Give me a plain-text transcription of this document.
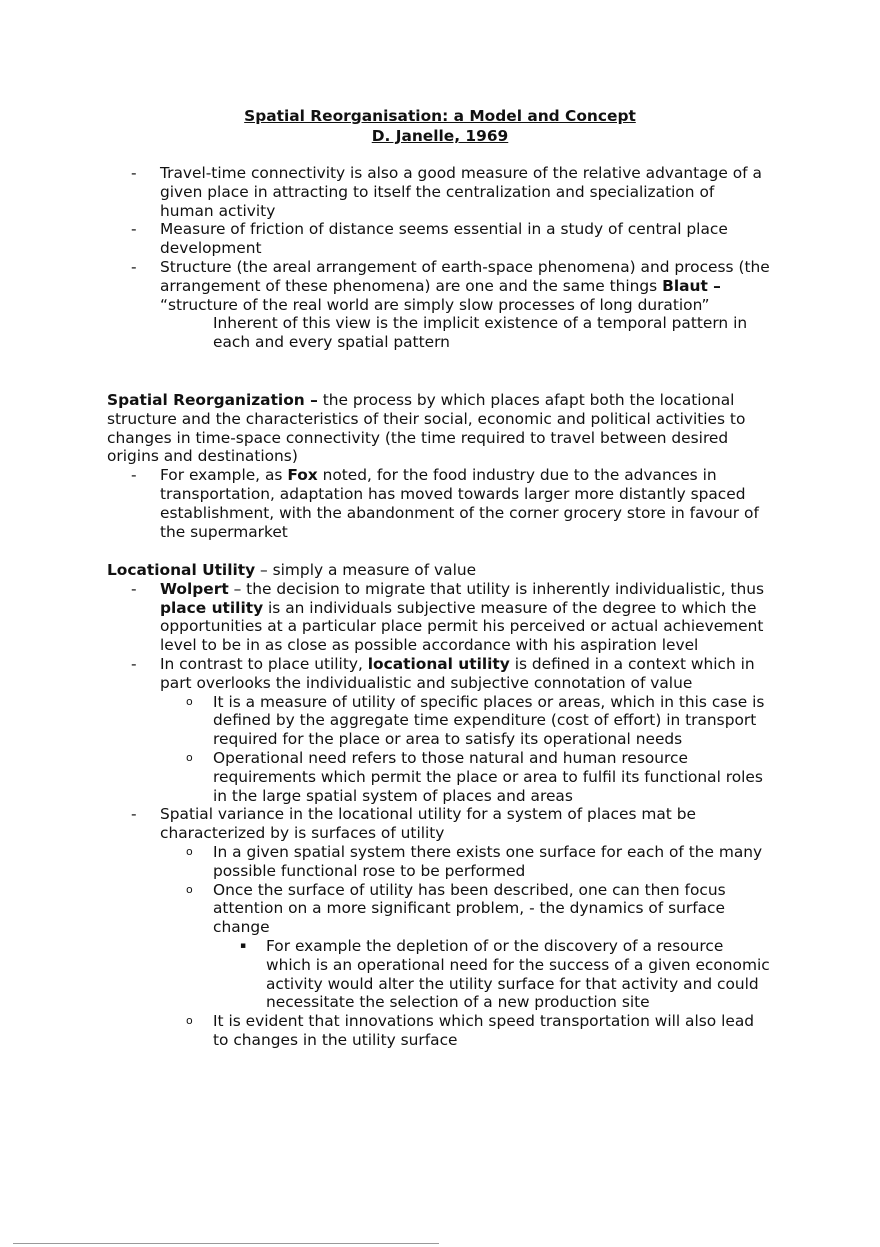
Spatial Reorganisation: a Model and Concept
D. Janelle, 1969
- Travel-time connectivity is also a good measure of the relative advantage of a given place in attracting to itself the centralization and specialization of human activity
- Measure of friction of distance seems essential in a study of central place development
- Structure (the areal arrangement of earth-space phenomena) and process (the arrangement of these phenomena) are one and the same things Blaut – “structure of the real world are simply slow processes of long duration”
Inherent of this view is the implicit existence of a temporal pattern in each and every spatial pattern
Spatial Reorganization – the process by which places afapt both the locational structure and the characteristics of their social, economic and political activities to changes in time-space connectivity (the time required to travel between desired origins and destinations)
- For example, as Fox noted, for the food industry due to the advances in transportation, adaptation has moved towards larger more distantly spaced establishment, with the abandonment of the corner grocery store in favour of the supermarket
Locational Utility – simply a measure of value
- Wolpert – the decision to migrate that utility is inherently individualistic, thus place utility is an individuals subjective measure of the degree to which the opportunities at a particular place permit his perceived or actual achievement level to be in as close as possible accordance with his aspiration level
- In contrast to place utility, locational utility is defined in a context which in part overlooks the individualistic and subjective connotation of value
o It is a measure of utility of specific places or areas, which in this case is defined by the aggregate time expenditure (cost of effort) in transport required for the place or area to satisfy its operational needs
o Operational need refers to those natural and human resource requirements which permit the place or area to fulfil its functional roles in the large spatial system of places and areas
- Spatial variance in the locational utility for a system of places mat be characterized by is surfaces of utility
o In a given spatial system there exists one surface for each of the many possible functional rose to be performed
o Once the surface of utility has been described, one can then focus attention on a more significant problem, - the dynamics of surface change
▪ For example the depletion of or the discovery of a resource which is an operational need for the success of a given economic activity would alter the utility surface for that activity and could necessitate the selection of a new production site
o It is evident that innovations which speed transportation will also lead to changes in the utility surface
